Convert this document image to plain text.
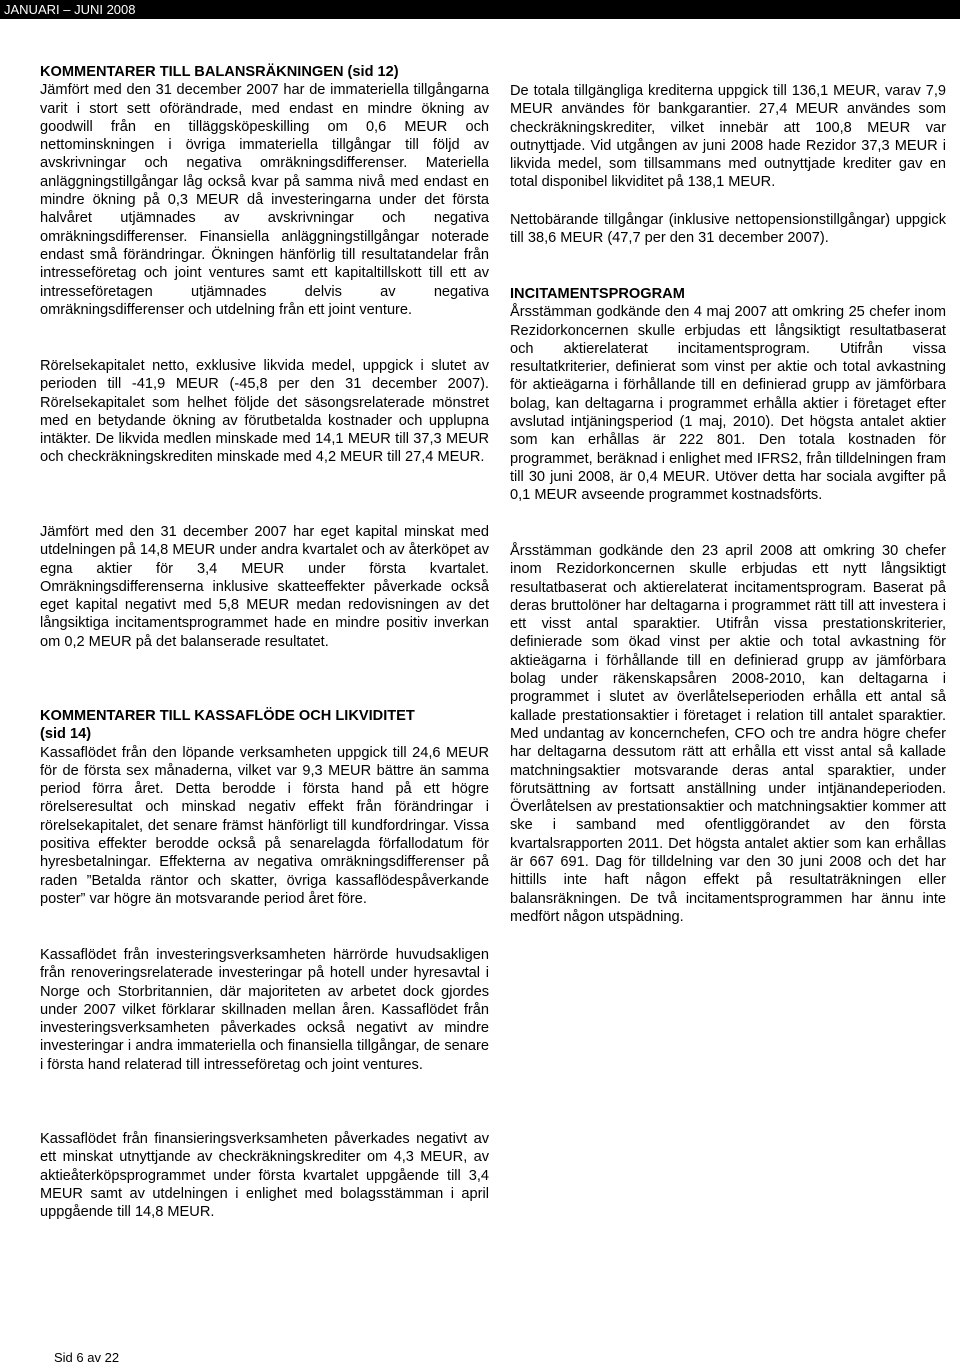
JANUARI – JUNI 2008
KOMMENTARER TILL BALANSRÄKNINGEN (sid 12)

Jämfört med den 31 december 2007 har de immateriella tillgångarna varit i stort sett oförändrade, med endast en mindre ökning av goodwill från en tilläggsköpeskilling om 0,6 MEUR och nettominskningen i övriga immateriella tillgångar till följd av avskrivningar och negativa omräkningsdifferenser. Materiella anläggningstillgångar låg också kvar på samma nivå med endast en mindre ökning på 0,3 MEUR då investeringarna under det första halvåret utjämnades av avskrivningar och negativa omräkningsdifferenser. Finansiella anläggningstillgångar noterade endast små förändringar. Ökningen hänförlig till resultatandelar från intresseföretag och joint ventures samt ett kapitaltillskott till ett av intresseföretagen utjämnades delvis av negativa omräkningsdifferenser och utdelning från ett joint venture.

Rörelsekapitalet netto, exklusive likvida medel, uppgick i slutet av perioden till -41,9 MEUR (-45,8 per den 31 december 2007). Rörelsekapitalet som helhet följde det säsongsrelaterade mönstret med en betydande ökning av förutbetalda kostnader och upplupna intäkter. De likvida medlen minskade med 14,1 MEUR till 37,3 MEUR och checkräkningskrediten minskade med 4,2 MEUR till 27,4 MEUR.

Jämfört med den 31 december 2007 har eget kapital minskat med utdelningen på 14,8 MEUR under andra kvartalet och av återköpet av egna aktier för 3,4 MEUR under första kvartalet. Omräkningsdifferenserna inklusive skatteeffekter påverkade också eget kapital negativt med 5,8 MEUR medan redovisningen av det långsiktiga incitamentsprogrammet hade en mindre positiv inverkan om 0,2 MEUR på det balanserade resultatet.

KOMMENTARER TILL KASSAFLÖDE OCH LIKVIDITET
(sid 14)

Kassaflödet från den löpande verksamheten uppgick till 24,6 MEUR för de första sex månaderna, vilket var 9,3 MEUR bättre än samma period förra året. Detta berodde i första hand på ett högre rörelseresultat och minskad negativ effekt från förändringar i rörelsekapitalet, det senare främst hänförligt till kundfordringar. Vissa positiva effekter berodde också på senarelagda förfallodatum för hyresbetalningar. Effekterna av negativa omräkningsdifferenser på raden ”Betalda räntor och skatter, övriga kassaflödespåverkande poster” var högre än motsvarande period året före.

Kassaflödet från investeringsverksamheten härrörde huvudsakligen från renoveringsrelaterade investeringar på hotell under hyresavtal i Norge och Storbritannien, där majoriteten av arbetet dock gjordes under 2007 vilket förklarar skillnaden mellan åren. Kassaflödet från investeringsverksamheten påverkades också negativt av mindre investeringar i andra immateriella och finansiella tillgångar, de senare i första hand relaterad till intresseföretag och joint ventures.

Kassaflödet från finansieringsverksamheten påverkades negativt av ett minskat utnyttjande av checkräkningskrediter om 4,3 MEUR, av aktieåterköpsprogrammet under första kvartalet uppgående till 3,4 MEUR samt av utdelningen i enlighet med bolagsstämman i april uppgående till 14,8 MEUR.

De totala tillgängliga krediterna uppgick till 136,1 MEUR, varav 7,9 MEUR användes för bankgarantier. 27,4 MEUR användes som checkräkningskrediter, vilket innebär att 100,8 MEUR var outnyttjade. Vid utgången av juni 2008 hade Rezidor 37,3 MEUR i likvida medel, som tillsammans med outnyttjade krediter gav en total disponibel likviditet på 138,1 MEUR.

Nettobärande tillgångar (inklusive nettopensionstillgångar) uppgick till 38,6 MEUR (47,7 per den 31 december 2007).

INCITAMENTSPROGRAM

Årsstämman godkände den 4 maj 2007 att omkring 25 chefer inom Rezidorkoncernen skulle erbjudas ett långsiktigt resultatbaserat och aktierelaterat incitamentsprogram. Utifrån vissa resultatkriterier, definierat som vinst per aktie och total avkastning för aktieägarna i förhållande till en definierad grupp av jämförbara bolag, kan deltagarna i programmet erhålla aktier i företaget efter avslutad intjäningsperiod (1 maj, 2010). Det högsta antalet aktier som kan erhållas är 222 801. Den totala kostnaden för programmet, beräknad i enlighet med IFRS2, från tilldelningen fram till 30 juni 2008, är 0,4 MEUR. Utöver detta har sociala avgifter på 0,1 MEUR avseende programmet kostnadsförts.

Årsstämman godkände den 23 april 2008 att omkring 30 chefer inom Rezidorkoncernen skulle erbjudas ett nytt långsiktigt resultatbaserat och aktierelaterat incitamentsprogram. Baserat på deras bruttolöner har deltagarna i programmet rätt till att investera i ett visst antal sparaktier. Utifrån vissa prestationskriterier, definierade som ökad vinst per aktie och total avkastning för aktieägarna i förhållande till en definierad grupp av jämförbara bolag under räkenskapsåren 2008-2010, kan deltagarna i programmet i slutet av överlåtelseperioden erhålla ett antal så kallade prestationsaktier i företaget i relation till antalet sparaktier. Med undantag av koncernchefen, CFO och tre andra högre chefer har deltagarna dessutom rätt att erhålla ett visst antal så kallade matchningsaktier motsvarande deras antal sparaktier, under förutsättning av fortsatt anställning under intjänandeperioden. Överlåtelsen av prestationsaktier och matchningsaktier kommer att ske i samband med ofentliggörandet av den första kvartalsrapporten 2011. Det högsta antalet aktier som kan erhållas är 667 691. Dag för tilldelning var den 30 juni 2008 och det har hittills inte haft någon effekt på resultaträkningen eller balansräkningen. De två incitamentsprogrammen har ännu inte medfört någon utspädning.

Sid 6 av 22
